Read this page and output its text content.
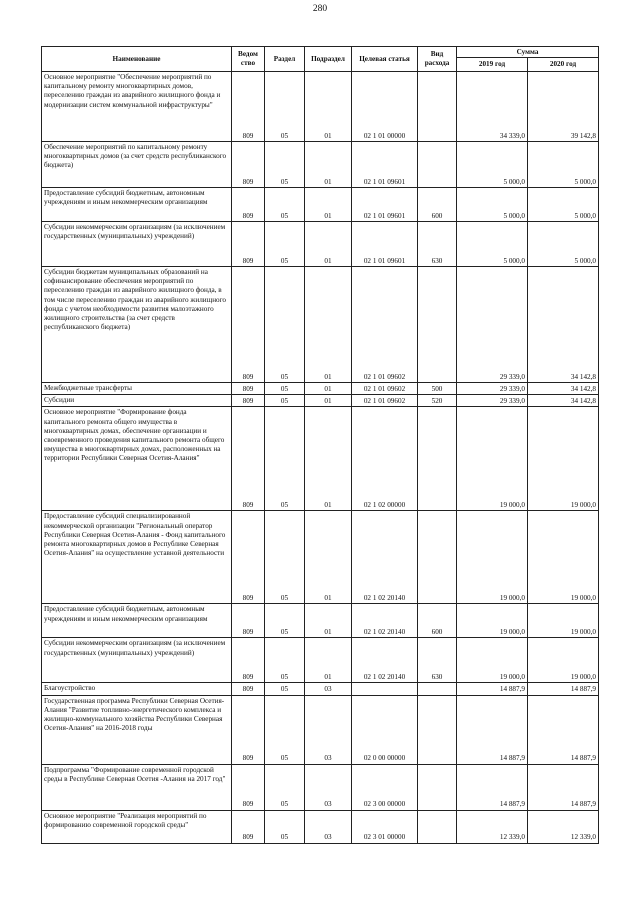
280
Наименование	Ведом ство	Раздел	Подраздел	Целевая статья	Вид расхода	Сумма	
						2019 год	2020 год
Основное мероприятие "Обеспечение мероприятий по капитальному ремонту многоквартирных домов, переселению граждан из аварийного жилищного фонда и модернизации систем коммунальной инфраструктуры"	809	05	01	02 1 01 00000		34 339,0	39 142,8
Обеспечение мероприятий по капитальному ремонту многоквартирных домов (за счет средств республиканского бюджета)	809	05	01	02 1 01 09601		5 000,0	5 000,0
Предоставление субсидий бюджетным, автономным учреждениям и иным некоммерческим организациям	809	05	01	02 1 01 09601	600	5 000,0	5 000,0
Субсидии некоммерческим организациям (за исключением государственных (муниципальных) учреждений)	809	05	01	02 1 01 09601	630	5 000,0	5 000,0
Субсидии бюджетам муниципальных образований на софинансирование обеспечения мероприятий по переселению граждан из аварийного жилищного фонда, в том числе переселению граждан из аварийного жилищного фонда с учетом необходимости развития малоэтажного жилищного строительства (за счет средств республиканского бюджета)	809	05	01	02 1 01 09602		29 339,0	34 142,8
Межбюджетные трансферты	809	05	01	02 1 01 09602	500	29 339,0	34 142,8
Субсидии	809	05	01	02 1 01 09602	520	29 339,0	34 142,8
Основное мероприятие "Формирование фонда капитального ремонта общего имущества в многоквартирных домах, обеспечение организации и своевременного проведения капитального ремонта общего имущества в многоквартирных домах, расположенных на территории Республики Северная Осетия-Алания"	809	05	01	02 1 02 00000		19 000,0	19 000,0
Предоставление субсидий специализированной некоммерческой организации "Региональный оператор Республики Северная Осетия-Алания - Фонд капитального ремонта многоквартирных домов в Республике Северная Осетия-Алания" на осуществление уставной деятельности	809	05	01	02 1 02 20140		19 000,0	19 000,0
Предоставление субсидий бюджетным, автономным учреждениям и иным некоммерческим организациям	809	05	01	02 1 02 20140	600	19 000,0	19 000,0
Субсидии некоммерческим организациям (за исключением государственных (муниципальных) учреждений)	809	05	01	02 1 02 20140	630	19 000,0	19 000,0
Благоустройство	809	05	03			14 887,9	14 887,9
Государственная программа Республики Северная Осетия-Алания "Развитие топливно-энергетического комплекса и жилищно-коммунального хозяйства Республики Северная Осетия-Алания" на 2016-2018 годы	809	05	03	02 0 00 00000		14 887,9	14 887,9
Подпрограмма "Формирование современной городской среды в Республике Северная Осетия -Алания на 2017 год"	809	05	03	02 3 00 00000		14 887,9	14 887,9
Основное мероприятие "Реализация мероприятий по формированию современной городской среды"	809	05	03	02 3 01 00000		12 339,0	12 339,0
